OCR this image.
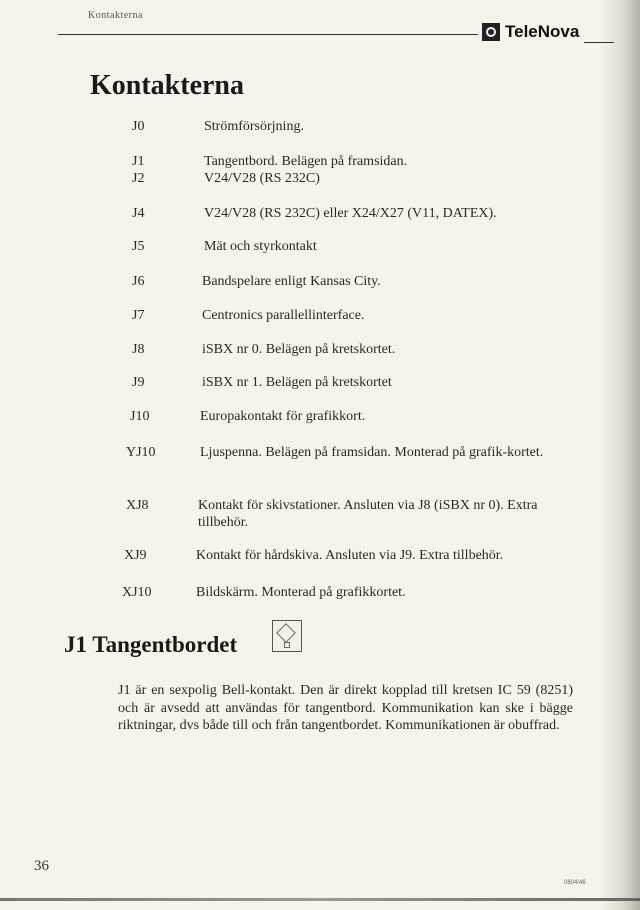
Kontakterna
TeleNova
Kontakterna
J0	Strömförsörjning.
J1	Tangentbord. Belägen på framsidan.
J2	V24/V28 (RS 232C)
J4	V24/V28 (RS 232C) eller X24/X27 (V11, DATEX).
J5	Mät och styrkontakt
J6	Bandspelare enligt Kansas City.
J7	Centronics parallellinterface.
J8	iSBX nr 0. Belägen på kretskortet.
J9	iSBX nr 1. Belägen på kretskortet
J10	Europakontakt för grafikkort.
YJ10	Ljuspenna. Belägen på framsidan. Monterad på grafik-kortet.
XJ8	Kontakt för skivstationer. Ansluten via J8 (iSBX nr 0). Extra tillbehör.
XJ9	Kontakt för hårdskiva. Ansluten via J9. Extra tillbehör.
XJ10	Bildskärm. Monterad på grafikkortet.
J1 Tangentbordet

J1 är en sexpolig Bell-kontakt. Den är direkt kopplad till kretsen IC 59 (8251) och är avsedd att användas för tangentbord. Kommunikation kan ske i bägge riktningar, dvs både till och från tangentbordet. Kommunikationen är obuffrad.

36
0604/46
